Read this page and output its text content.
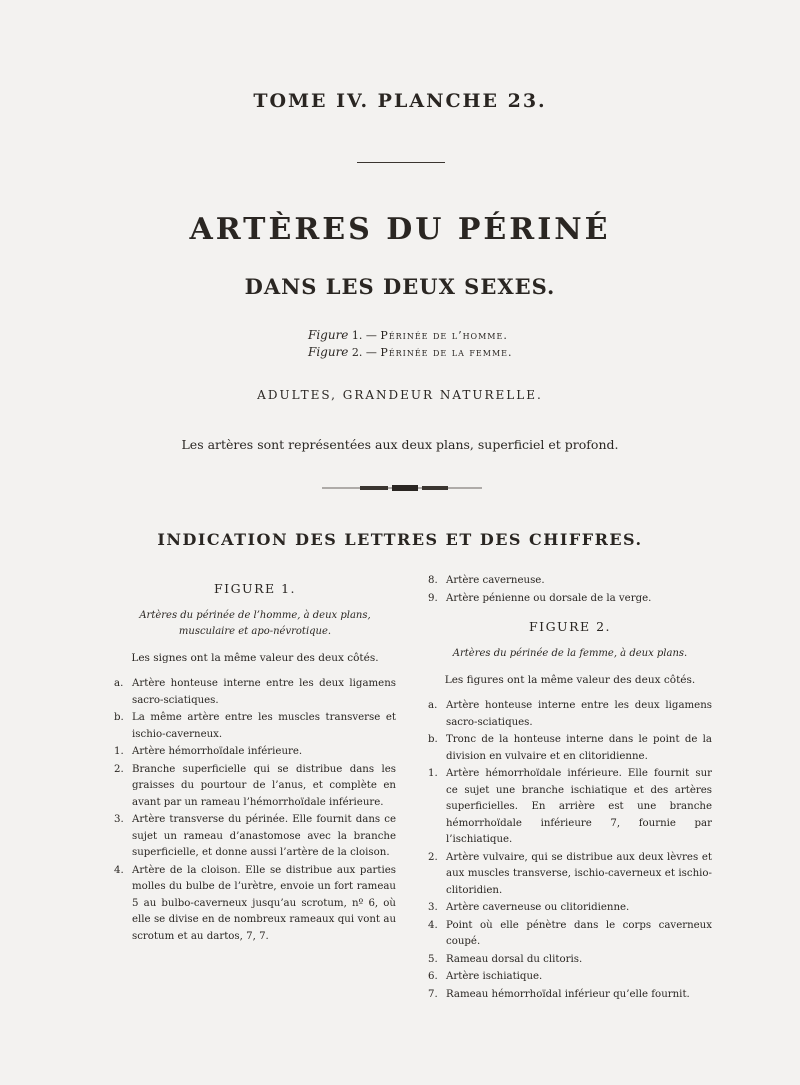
TOME IV. PLANCHE 23.
ARTÈRES DU PÉRINÉ
DANS LES DEUX SEXES.
Figure 1. — Périnée de l’homme.
Figure 2. — Périnée de la femme.
ADULTES, GRANDEUR NATURELLE.
Les artères sont représentées aux deux plans, superficiel et profond.
INDICATION DES LETTRES ET DES CHIFFRES.
FIGURE 1.
Artères du périnée de l’homme, à deux plans, musculaire et apo-névrotique.
Les signes ont la même valeur des deux côtés.
a. Artère honteuse interne entre les deux ligamens sacro-sciatiques.
b. La même artère entre les muscles transverse et ischio-caverneux.
1. Artère hémorrhoïdale inférieure.
2. Branche superficielle qui se distribue dans les graisses du pourtour de l’anus, et complète en avant par un rameau l’hémorrhoïdale inférieure.
3. Artère transverse du périnée. Elle fournit dans ce sujet un rameau d’anastomose avec la branche superficielle, et donne aussi l’artère de la cloison.
4. Artère de la cloison. Elle se distribue aux parties molles du bulbe de l’urètre, envoie un fort rameau 5 au bulbo-caverneux jusqu’au scrotum, nº 6, où elle se divise en de nombreux rameaux qui vont au scrotum et au dartos, 7, 7.
8. Artère caverneuse.
9. Artère pénienne ou dorsale de la verge.
FIGURE 2.
Artères du périnée de la femme, à deux plans.
Les figures ont la même valeur des deux côtés.
a. Artère honteuse interne entre les deux ligamens sacro-sciatiques.
b. Tronc de la honteuse interne dans le point de la division en vulvaire et en clitoridienne.
1. Artère hémorrhoïdale inférieure. Elle fournit sur ce sujet une branche ischiatique et des artères superficielles. En arrière est une branche hémorrhoïdale inférieure 7, fournie par l’ischiatique.
2. Artère vulvaire, qui se distribue aux deux lèvres et aux muscles transverse, ischio-caverneux et ischio-clitoridien.
3. Artère caverneuse ou clitoridienne.
4. Point où elle pénètre dans le corps caverneux coupé.
5. Rameau dorsal du clitoris.
6. Artère ischiatique.
7. Rameau hémorrhoïdal inférieur qu’elle fournit.
